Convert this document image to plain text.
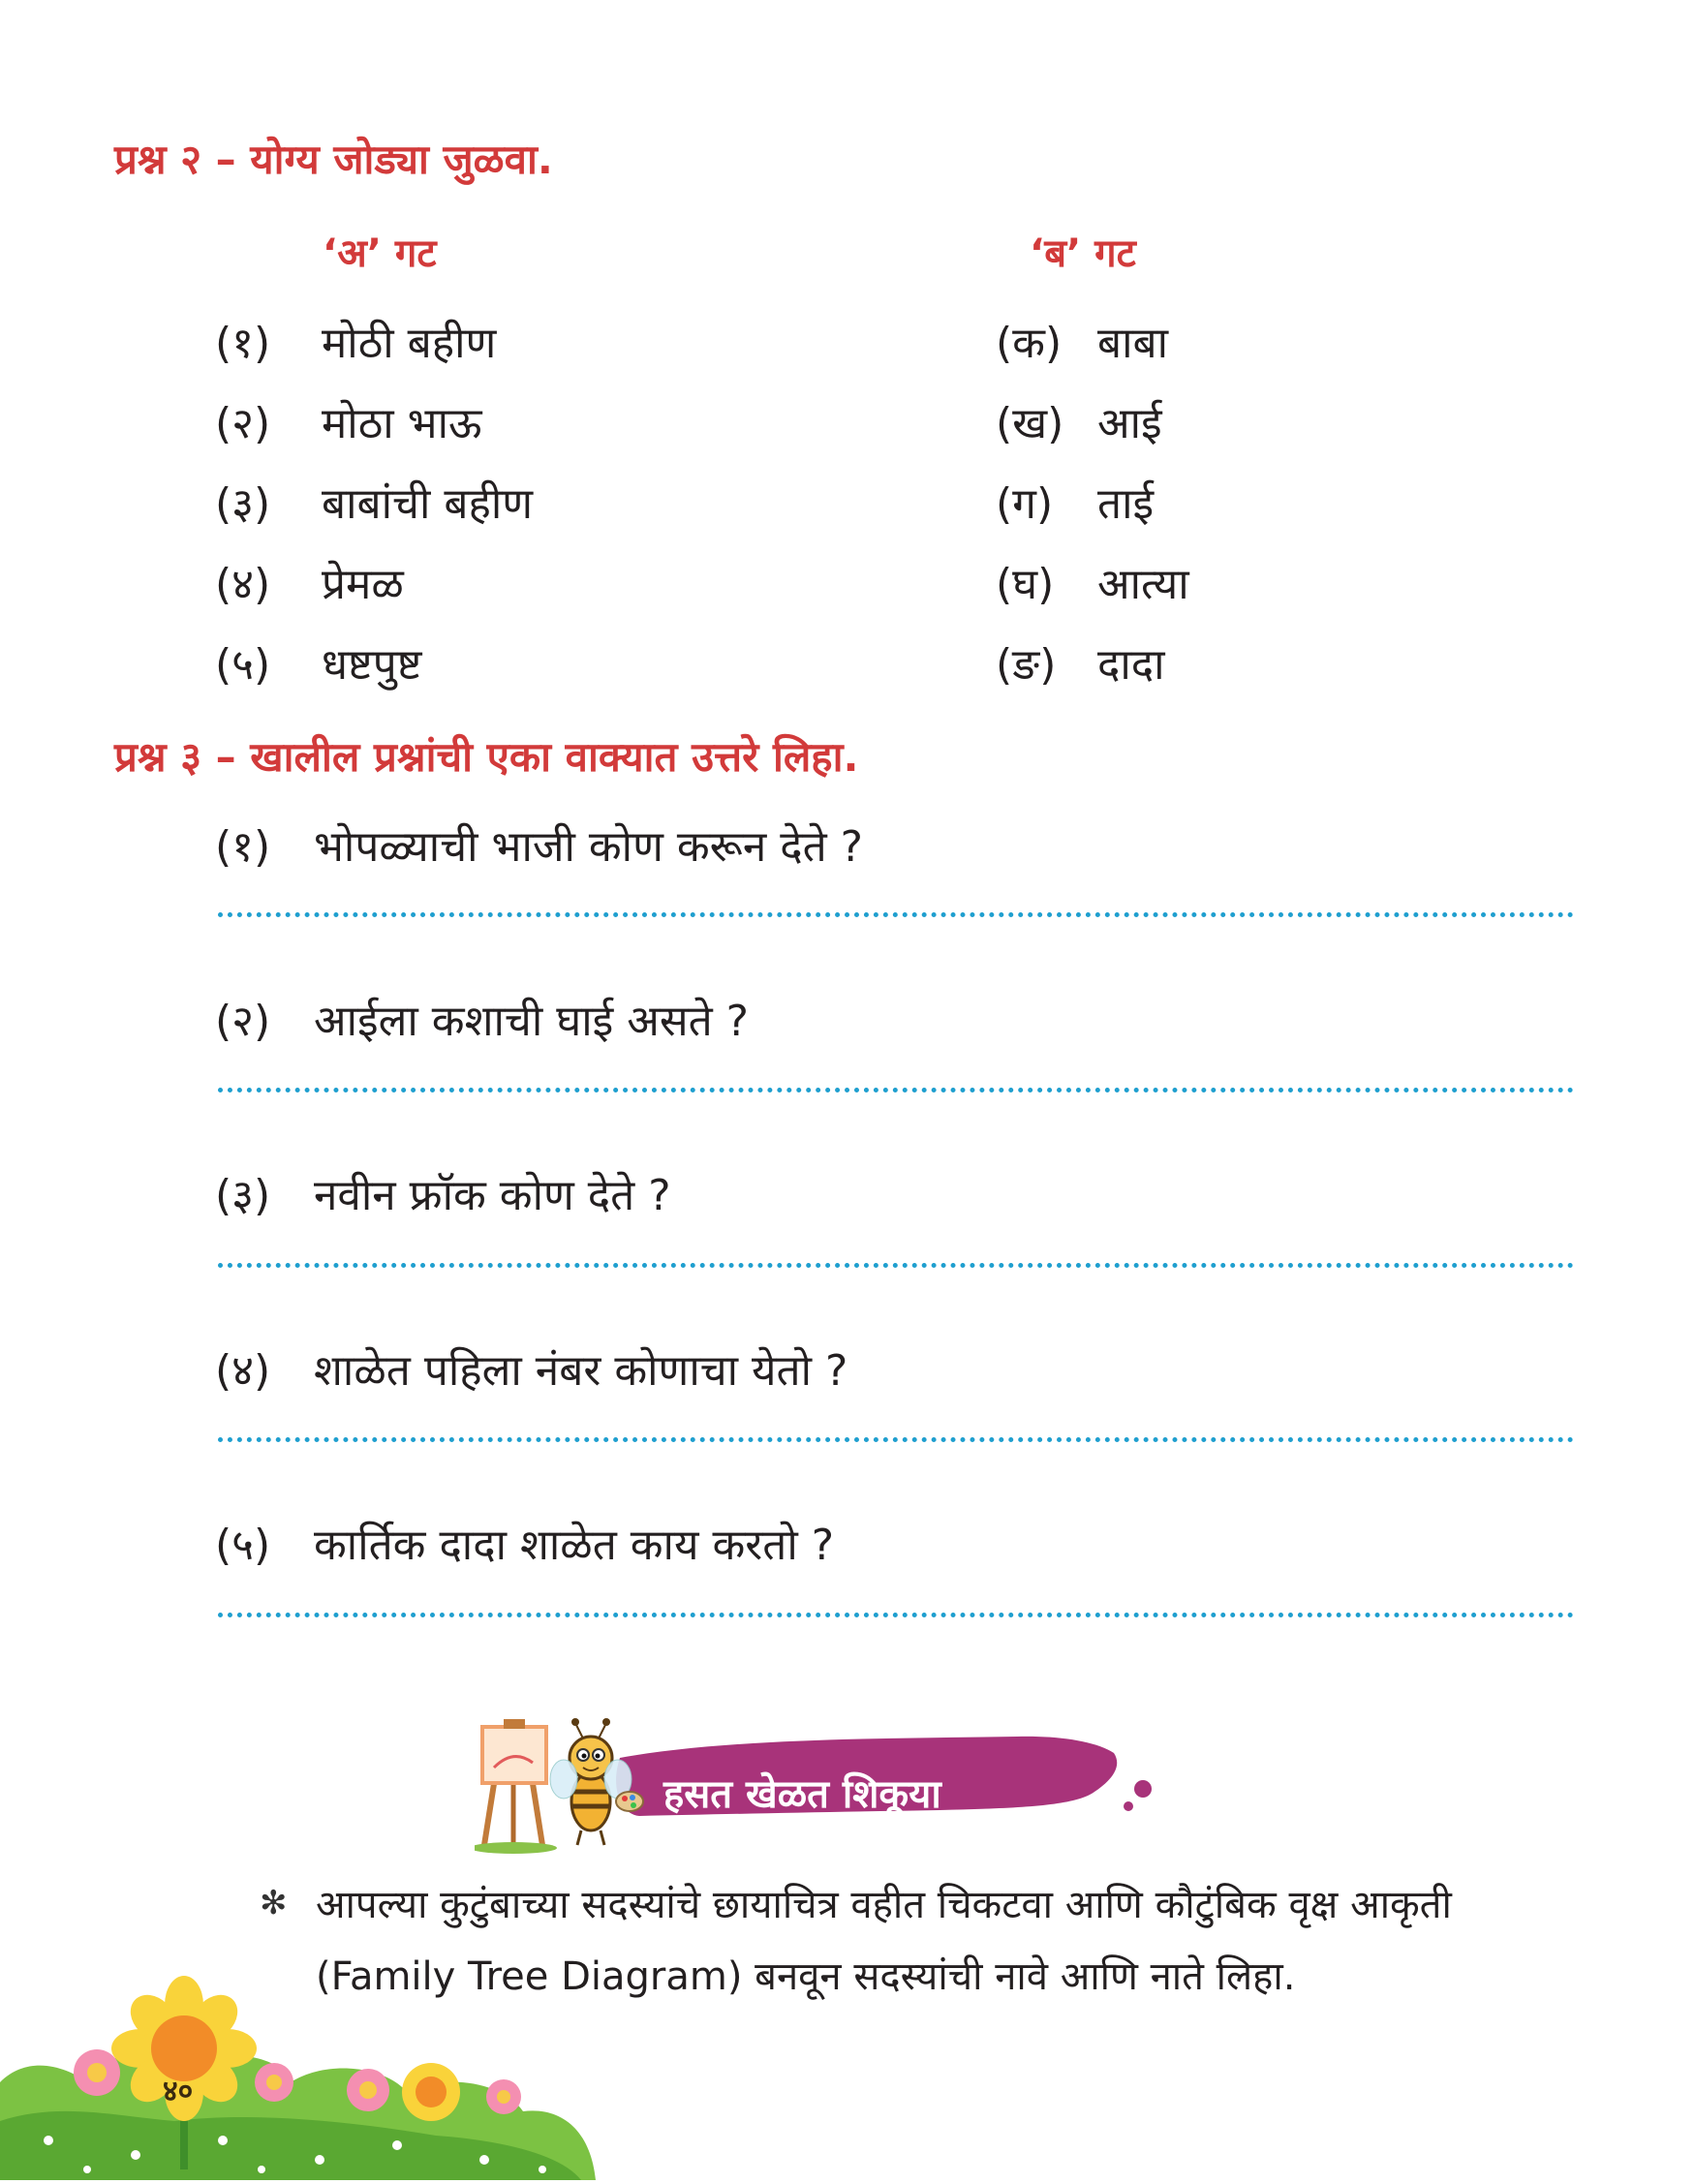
प्रश्न २ – योग्य जोड्या जुळवा.
‘अ’ गट	‘ब’ गट
(१) मोठी बहीण
(२) मोठा भाऊ
(३) बाबांची बहीण
(४) प्रेमळ
(५) धष्टपुष्ट
(क) बाबा
(ख) आई
(ग) ताई
(घ) आत्या
(ङ) दादा
प्रश्न ३ – खालील प्रश्नांची एका वाक्यात उत्तरे लिहा.
(१) भोपळ्याची भाजी कोण करून देते ?
(२) आईला कशाची घाई असते ?
(३) नवीन फ्रॉक कोण देते ?
(४) शाळेत पहिला नंबर कोणाचा येतो ?
(५) कार्तिक दादा शाळेत काय करतो ?
हसत खेळत शिकूया
✻ आपल्या कुटुंबाच्या सदस्यांचे छायाचित्र वहीत चिकटवा आणि कौटुंबिक वृक्ष आकृती
(Family Tree Diagram) बनवून सदस्यांची नावे आणि नाते लिहा.
४०
